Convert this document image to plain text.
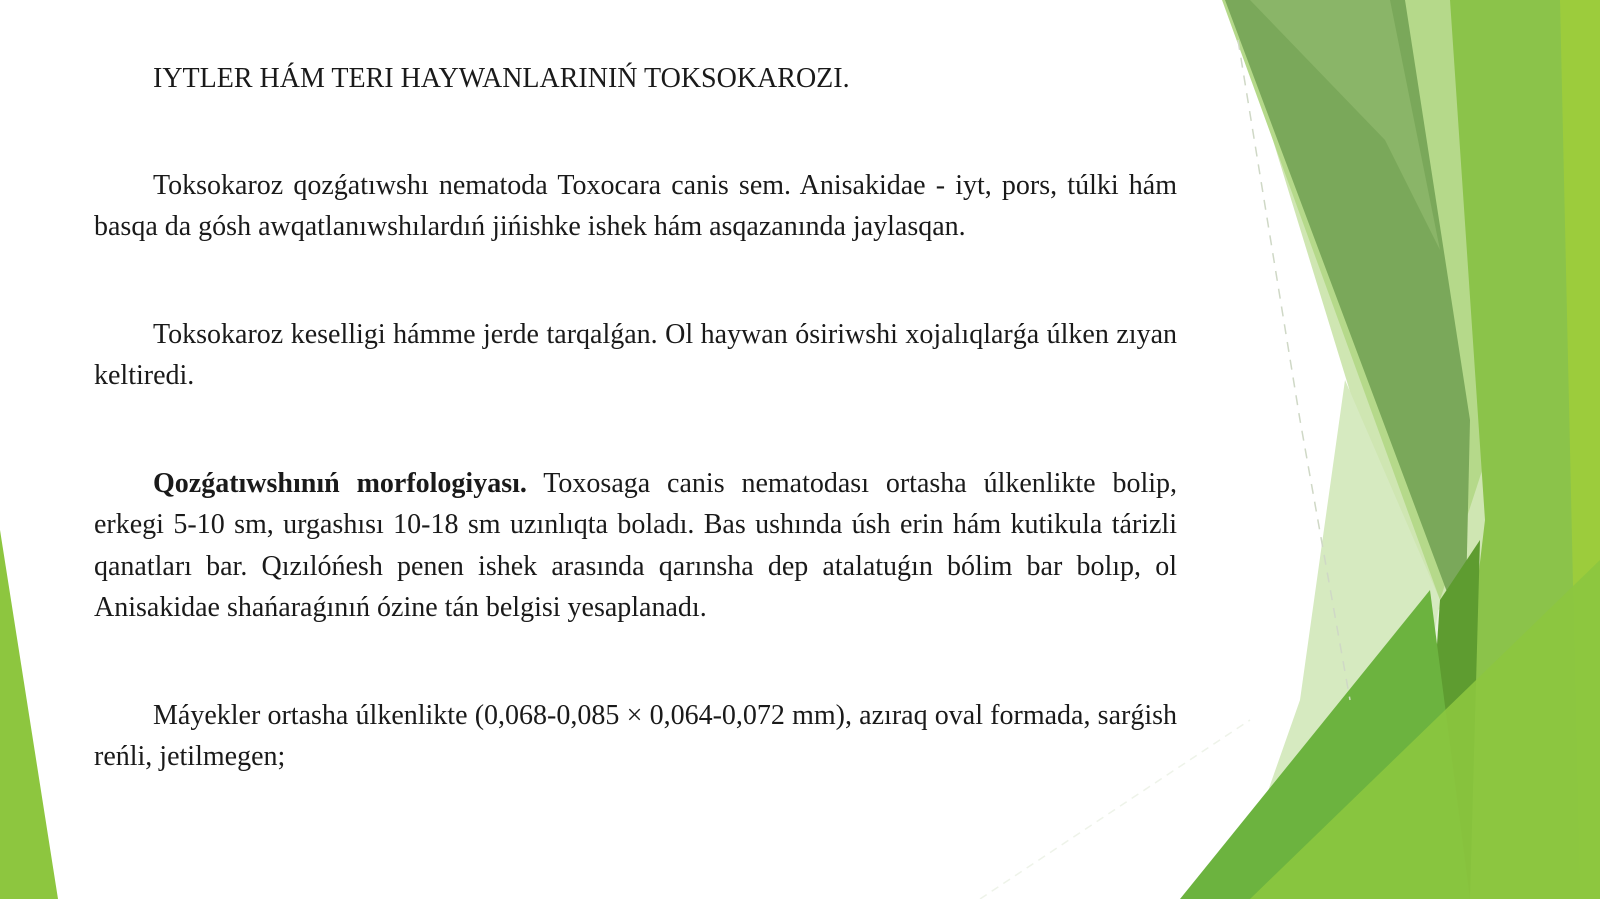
IYTLER HÁM TERI HAYWANLARINIŃ TOKSOKAROZI.

Toksokaroz qozǵatıwshı nematoda Toxocara canis sem. Anisakidae - iyt, pors, túlki hám basqa da gósh awqatlanıwshılardıń jińishke ishek hám asqazanında jaylasqan.

Toksokaroz keselligi hámme jerde tarqalǵan. Ol haywan ósiriwshi xojalıqlarǵa úlken zıyan keltiredi.

Qozǵatıwshınıń morfologiyası. Toxosaga canis nematodası ortasha úlkenlikte bolip, erkegi 5-10 sm, urgashısı 10-18 sm uzınlıqta boladı. Bas ushında úsh erin hám kutikula tárizli qanatları bar. Qızılóńesh penen ishek arasında qarınsha dep atalatuǵın bólim bar bolıp, ol Anisakidae shańaraǵınıń ózine tán belgisi yesaplanadı.

Máyekler ortasha úlkenlikte (0,068-0,085 × 0,064-0,072 mm), azıraq oval formada, sarǵish reńli, jetilmegen;
